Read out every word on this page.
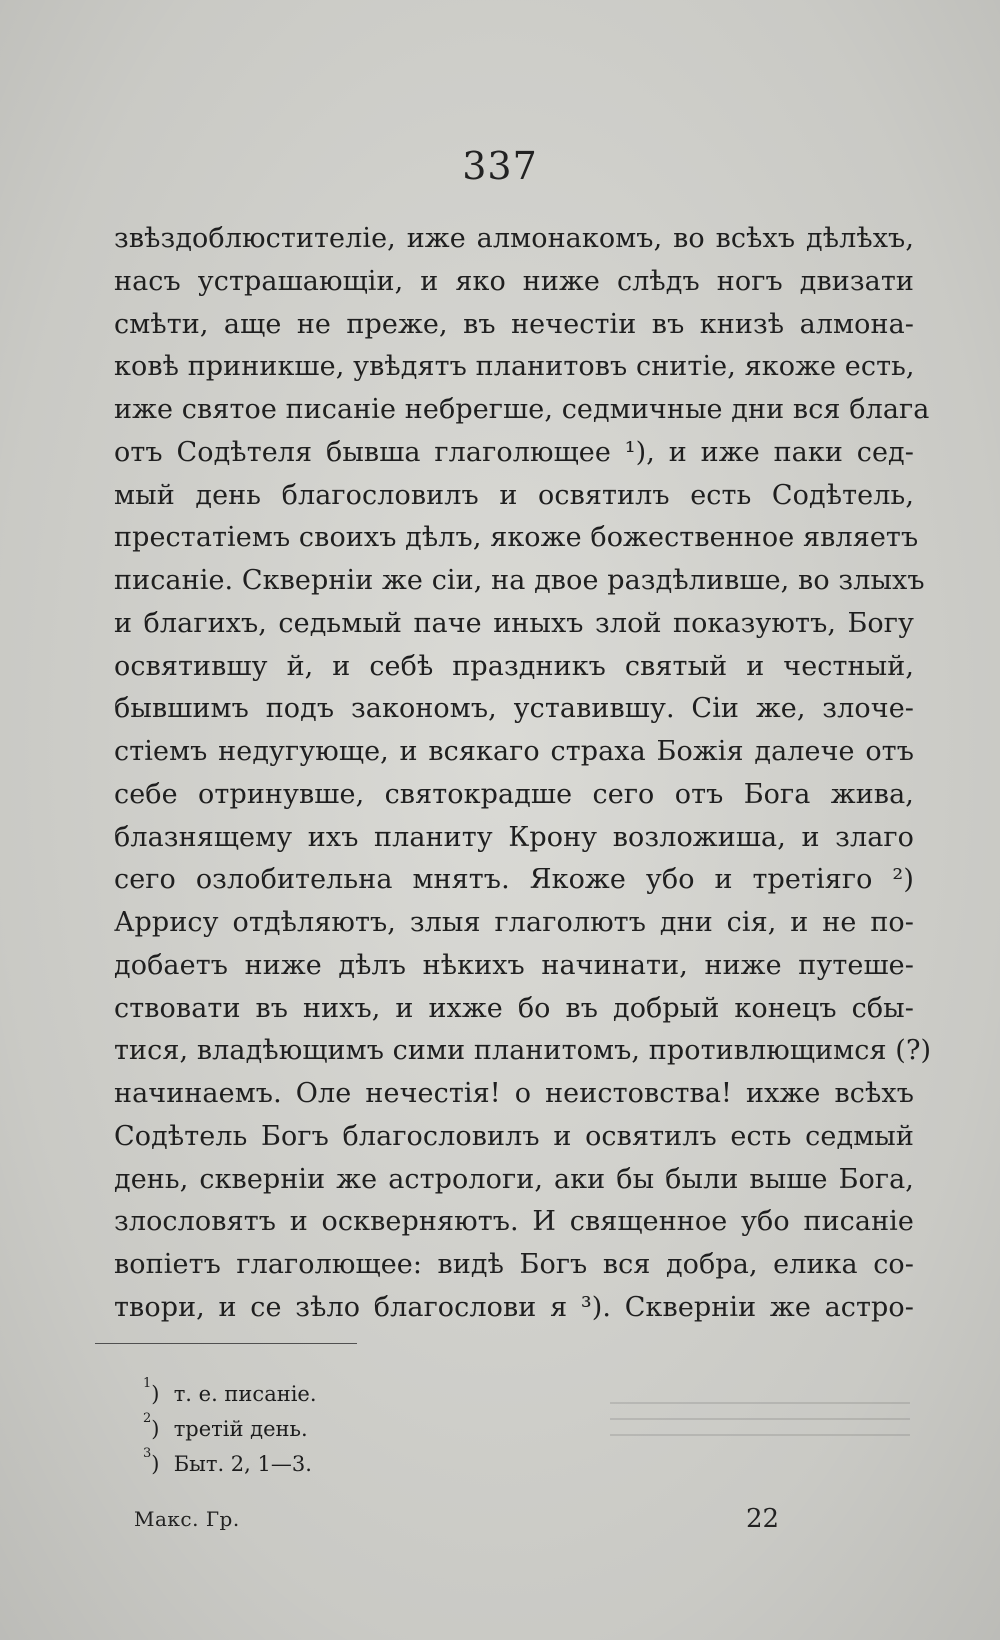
337
звѣздоблюстителіе, иже алмонакомъ, во всѣхъ дѣлѣхъ,
насъ устрашающіи, и яко ниже слѣдъ ногъ двизати
смѣти, аще не преже, въ нечестіи въ книзѣ алмона-
ковѣ приникше, увѣдятъ планитовъ снитіе, якоже есть,
иже святое писаніе небрегше, седмичные дни вся блага
отъ Содѣтеля бывша глаголющее ¹), и иже паки сед-
мый день благословилъ и освятилъ есть Содѣтель,
престатіемъ своихъ дѣлъ, якоже божественное являетъ
писаніе. Скверніи же сіи, на двое раздѣливше, во злыхъ
и благихъ, седьмый паче иныхъ злой показуютъ, Богу
освятившу й, и себѣ праздникъ святый и честный,
бывшимъ подъ закономъ, уставившу. Сіи же, злоче-
стіемъ недугующе, и всякаго страха Божія далече отъ
себе отринувше, святокрадше сего отъ Бога жива,
блазнящему ихъ планиту Крону возложиша, и злаго
сего озлобительна мнятъ. Якоже убо и третіяго ²)
Аррису отдѣляютъ, злыя глаголютъ дни сія, и не по-
добаетъ ниже дѣлъ нѣкихъ начинати, ниже путеше-
ствовати въ нихъ, и ихже бо въ добрый конецъ сбы-
тися, владѣющимъ сими планитомъ, противлющимся (?)
начинаемъ. Оле нечестія! о неистовства! ихже всѣхъ
Содѣтель Богъ благословилъ и освятилъ есть седмый
день, скверніи же астрологи, аки бы были выше Бога,
злословятъ и оскверняютъ. И священное убо писаніе
вопіетъ глаголющее: видѣ Богъ вся добра, елика со-
твори, и се зѣло благослови я ³). Скверніи же астро-
$^1$) т. е. писаніе.
$^2$) третій день.
$^3$) Быт. 2, 1—3.
Макс. Гр.	22
